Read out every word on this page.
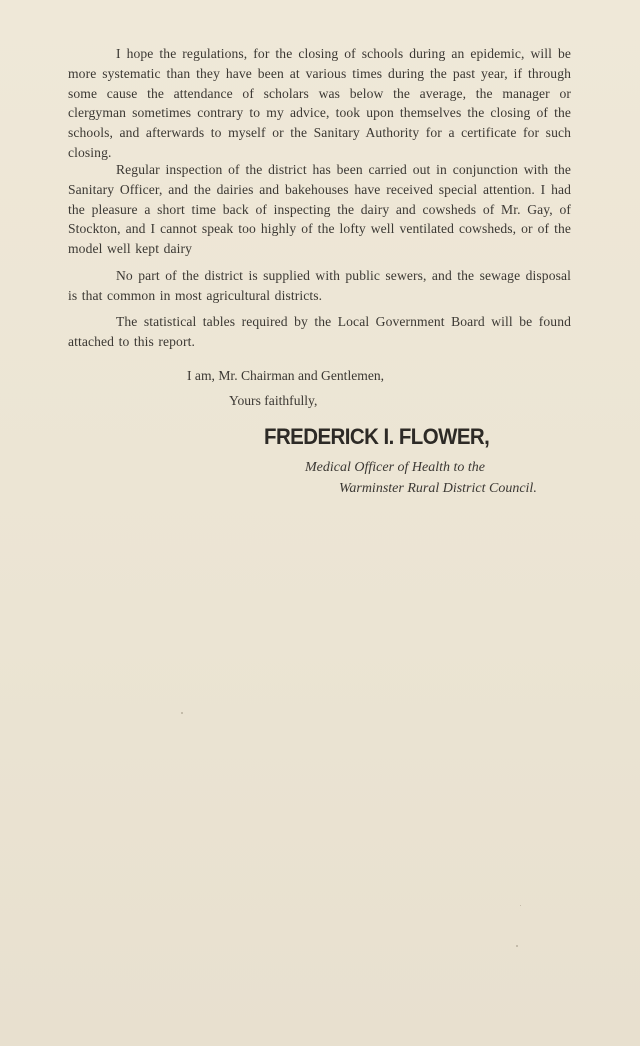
I hope the regulations, for the closing of schools during an epidemic, will be more systematic than they have been at various times during the past year, if through some cause the attendance of scholars was below the average, the manager or clergyman sometimes contrary to my advice, took upon themselves the closing of the schools, and afterwards to myself or the Sanitary Authority for a certificate for such closing.

Regular inspection of the district has been carried out in conjunction with the Sanitary Officer, and the dairies and bakehouses have received special attention. I had the pleasure a short time back of inspecting the dairy and cowsheds of Mr. Gay, of Stockton, and I cannot speak too highly of the lofty well ventilated cowsheds, or of the model well kept dairy

No part of the district is supplied with public sewers, and the sewage disposal is that common in most agricultural districts.

The statistical tables required by the Local Government Board will be found attached to this report.

I am, Mr. Chairman and Gentlemen,

Yours faithfully,

FREDERICK I. FLOWER,

Medical Officer of Health to the

Warminster Rural District Council.
